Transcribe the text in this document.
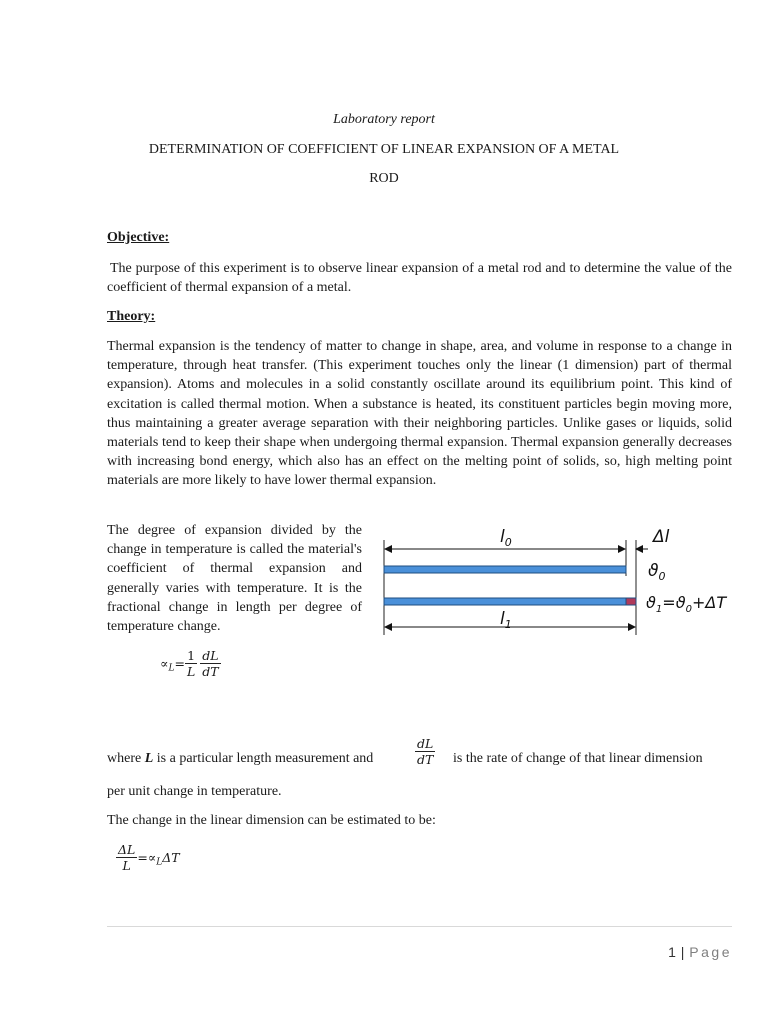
Laboratory report
DETERMINATION OF COEFFICIENT OF LINEAR EXPANSION OF A METAL
ROD
Objective:
The purpose of this experiment is to observe linear expansion of a metal rod and to determine the value of the coefficient of thermal expansion of a metal.
Theory:
Thermal expansion is the tendency of matter to change in shape, area, and volume in response to a change in temperature, through heat transfer. (This experiment touches only the linear (1 dimension) part of thermal expansion). Atoms and molecules in a solid constantly oscillate around its equilibrium point. This kind of excitation is called thermal motion. When a substance is heated, its constituent particles begin moving more, thus maintaining a greater average separation with their neighboring particles. Unlike gases or liquids, solid materials tend to keep their shape when undergoing thermal expansion. Thermal expansion generally decreases with increasing bond energy, which also has an effect on the melting point of solids, so, high melting point materials are more likely to have lower thermal expansion.
The degree of expansion divided by the change in temperature is called the material's coefficient of thermal expansion and generally varies with temperature. It is the fractional change in length per degree of temperature change.
$l_0$	Δl
$ϑ_0$
$ϑ_1=ϑ_0+\Delta T$
$l_1$
$\propto_L= \frac{1}{L} \frac{dL}{dT}$
where L is a particular length measurement and	$\frac{dL}{dT}$ is the rate of change of that linear dimension
per unit change in temperature.
The change in the linear dimension can be estimated to be:
$\frac{\Delta L}{L} =\propto_L\Delta T$
1 | Page
